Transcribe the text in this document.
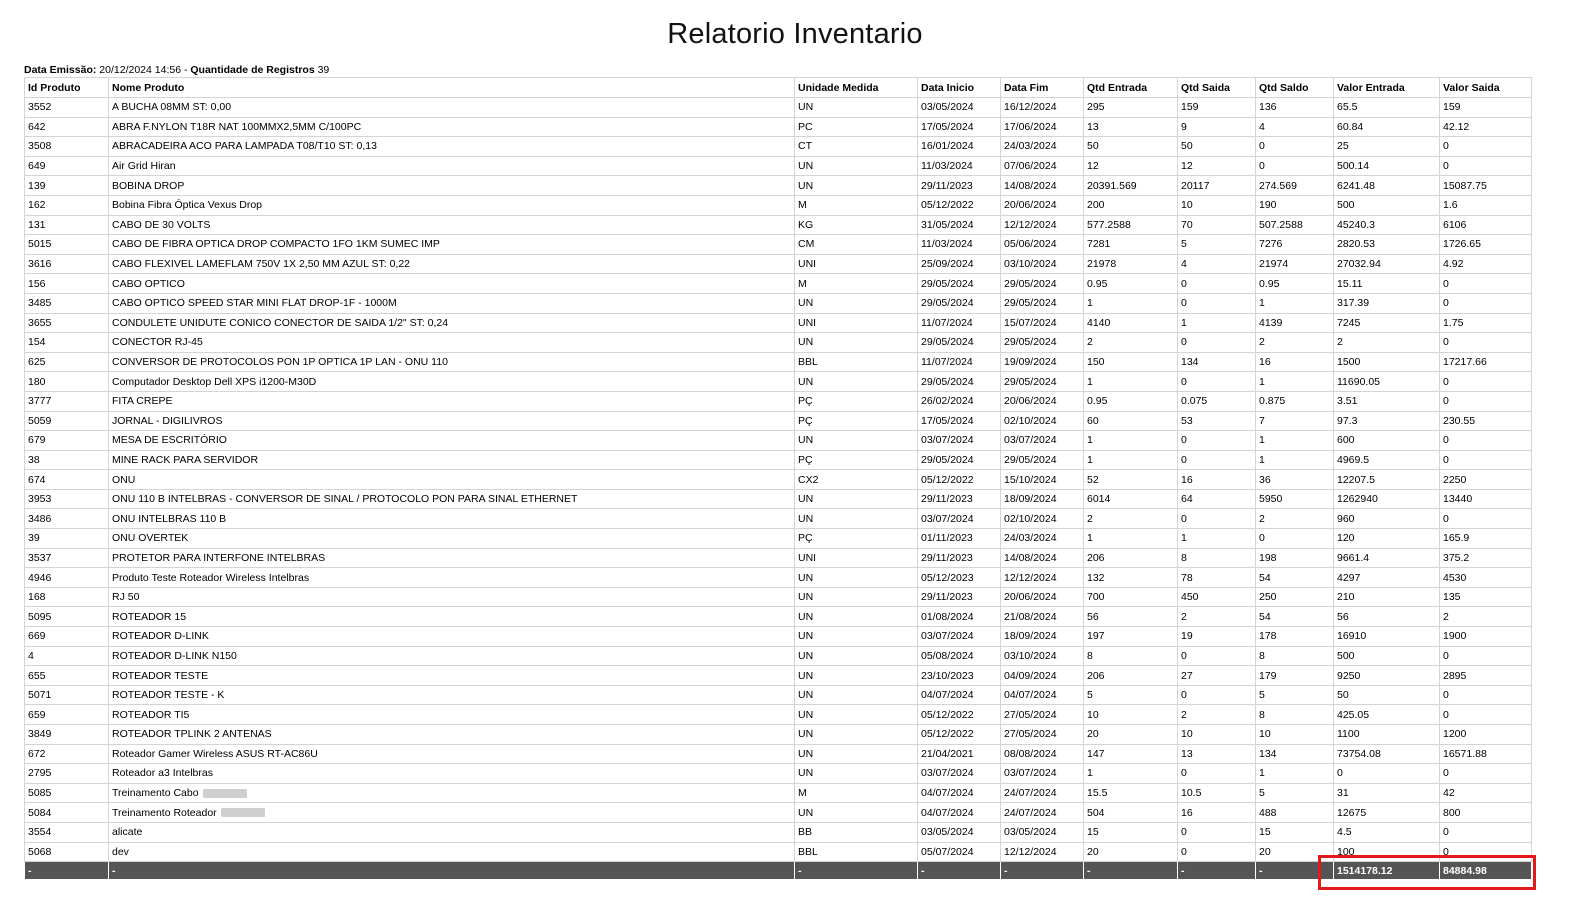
Relatorio Inventario
Data Emissão: 20/12/2024 14:56 - Quantidade de Registros 39
Id Produto	Nome Produto	Unidade Medida	Data Inicio	Data Fim	Qtd Entrada	Qtd Saida	Qtd Saldo	Valor Entrada	Valor Saida
3552	A BUCHA 08MM ST: 0,00	UN	03/05/2024	16/12/2024	295	159	136	65.5	159
642	ABRA F.NYLON T18R NAT 100MMX2,5MM C/100PC	PC	17/05/2024	17/06/2024	13	9	4	60.84	42.12
3508	ABRACADEIRA ACO PARA LAMPADA T08/T10 ST: 0,13	CT	16/01/2024	24/03/2024	50	50	0	25	0
649	Air Grid Hiran	UN	11/03/2024	07/06/2024	12	12	0	500.14	0
139	BOBINA DROP	UN	29/11/2023	14/08/2024	20391.569	20117	274.569	6241.48	15087.75
162	Bobina Fibra Óptica Vexus Drop	M	05/12/2022	20/06/2024	200	10	190	500	1.6
131	CABO DE 30 VOLTS	KG	31/05/2024	12/12/2024	577.2588	70	507.2588	45240.3	6106
5015	CABO DE FIBRA OPTICA DROP COMPACTO 1FO 1KM SUMEC IMP	CM	11/03/2024	05/06/2024	7281	5	7276	2820.53	1726.65
3616	CABO FLEXIVEL LAMEFLAM 750V 1X 2,50 MM AZUL ST: 0,22	UNI	25/09/2024	03/10/2024	21978	4	21974	27032.94	4.92
156	CABO OPTICO	M	29/05/2024	29/05/2024	0.95	0	0.95	15.11	0
3485	CABO OPTICO SPEED STAR MINI FLAT DROP-1F - 1000M	UN	29/05/2024	29/05/2024	1	0	1	317.39	0
3655	CONDULETE UNIDUTE CONICO CONECTOR DE SAIDA 1/2" ST: 0,24	UNI	11/07/2024	15/07/2024	4140	1	4139	7245	1.75
154	CONECTOR RJ-45	UN	29/05/2024	29/05/2024	2	0	2	2	0
625	CONVERSOR DE PROTOCOLOS PON 1P OPTICA 1P LAN - ONU 110	BBL	11/07/2024	19/09/2024	150	134	16	1500	17217.66
180	Computador Desktop Dell XPS i1200-M30D	UN	29/05/2024	29/05/2024	1	0	1	11690.05	0
3777	FITA CREPE	PÇ	26/02/2024	20/06/2024	0.95	0.075	0.875	3.51	0
5059	JORNAL - DIGILIVROS	PÇ	17/05/2024	02/10/2024	60	53	7	97.3	230.55
679	MESA DE ESCRITÓRIO	UN	03/07/2024	03/07/2024	1	0	1	600	0
38	MINE RACK PARA SERVIDOR	PÇ	29/05/2024	29/05/2024	1	0	1	4969.5	0
674	ONU	CX2	05/12/2022	15/10/2024	52	16	36	12207.5	2250
3953	ONU 110 B INTELBRAS - CONVERSOR DE SINAL / PROTOCOLO PON PARA SINAL ETHERNET	UN	29/11/2023	18/09/2024	6014	64	5950	1262940	13440
3486	ONU INTELBRAS 110 B	UN	03/07/2024	02/10/2024	2	0	2	960	0
39	ONU OVERTEK	PÇ	01/11/2023	24/03/2024	1	1	0	120	165.9
3537	PROTETOR PARA INTERFONE INTELBRAS	UNI	29/11/2023	14/08/2024	206	8	198	9661.4	375.2
4946	Produto Teste Roteador Wireless Intelbras	UN	05/12/2023	12/12/2024	132	78	54	4297	4530
168	RJ 50	UN	29/11/2023	20/06/2024	700	450	250	210	135
5095	ROTEADOR 15	UN	01/08/2024	21/08/2024	56	2	54	56	2
669	ROTEADOR D-LINK	UN	03/07/2024	18/09/2024	197	19	178	16910	1900
4	ROTEADOR D-LINK N150	UN	05/08/2024	03/10/2024	8	0	8	500	0
655	ROTEADOR TESTE	UN	23/10/2023	04/09/2024	206	27	179	9250	2895
5071	ROTEADOR TESTE - K	UN	04/07/2024	04/07/2024	5	0	5	50	0
659	ROTEADOR TI5	UN	05/12/2022	27/05/2024	10	2	8	425.05	0
3849	ROTEADOR TPLINK 2 ANTENAS	UN	05/12/2022	27/05/2024	20	10	10	1100	1200
672	Roteador Gamer Wireless ASUS RT-AC86U	UN	21/04/2021	08/08/2024	147	13	134	73754.08	16571.88
2795	Roteador a3 Intelbras	UN	03/07/2024	03/07/2024	1	0	1	0	0
5085	Treinamento Cabo	M	04/07/2024	24/07/2024	15.5	10.5	5	31	42
5084	Treinamento Roteador	UN	04/07/2024	24/07/2024	504	16	488	12675	800
3554	alicate	BB	03/05/2024	03/05/2024	15	0	15	4.5	0
5068	dev	BBL	05/07/2024	12/12/2024	20	0	20	100	0
-	-	-	-	-	-	-	-	1514178.12	84884.98
